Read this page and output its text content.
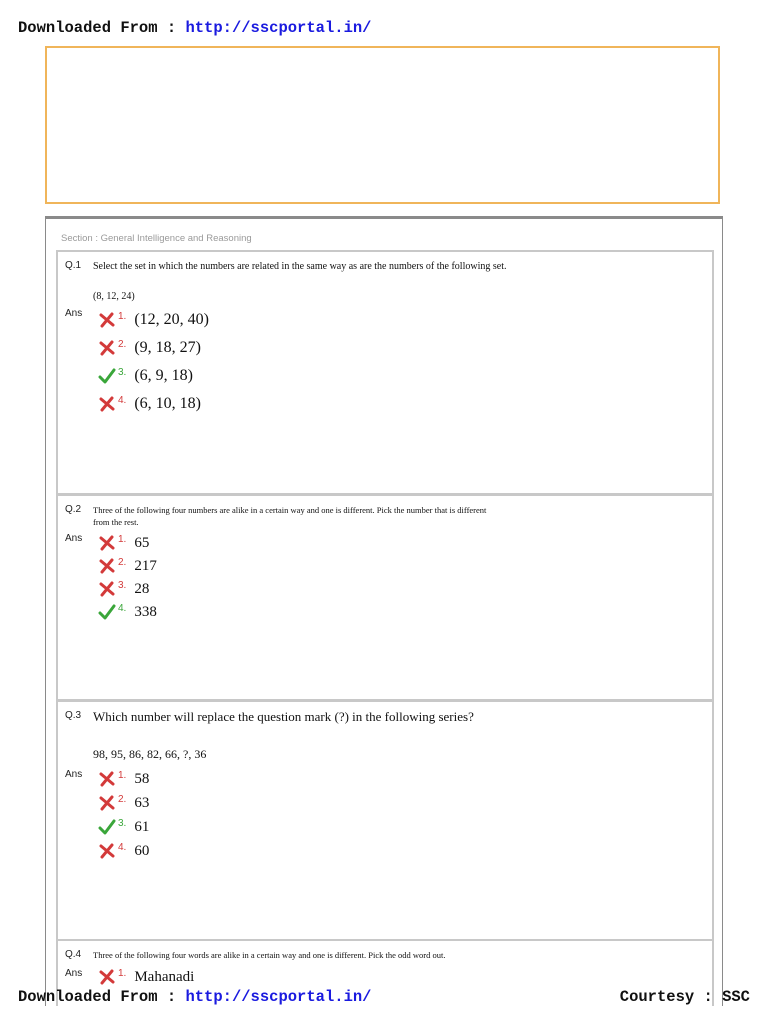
Downloaded From : http://sscportal.in/
Section : General Intelligence and Reasoning
Q.1 Select the set in which the numbers are related in the same way as are the numbers of the following set.
(8, 12, 24)
Ans	1. (12, 20, 40)
2. (9, 18, 27)
3. (6, 9, 18)
4. (6, 10, 18)
Q.2 Three of the following four numbers are alike in a certain way and one is different. Pick the number that is different
from the rest.
Ans	1. 65
2. 217
3. 28
4. 338
Q.3 Which number will replace the question mark (?) in the following series?
98, 95, 86, 82, 66, ?, 36
Ans	1. 58
2. 63
3. 61
4. 60
Q.4 Three of the following four words are alike in a certain way and one is different. Pick the odd word out.
Ans	1. Mahanadi
Downloaded From : http://sscportal.in/	Courtesy : SSC
